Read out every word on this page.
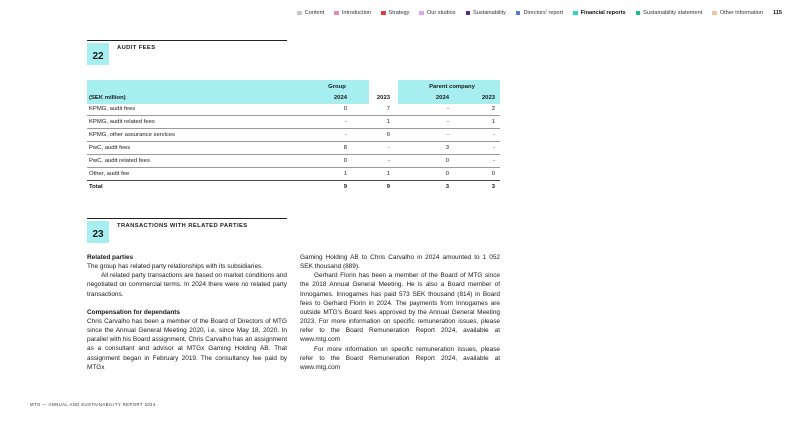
Content	Introduction	Strategy	Our studios	Sustainability	Directors' report	Financial reports	Sustainability statement	Other information 115
22
AUDIT FEES
Group	Parent company
(SEK million)	2024	2023	2024	2023
KPMG, audit fees	0	7	-	2
KPMG, audit related fees	-	1	-	1
KPMG, other assurance services	-	0	-	-
PwC, audit fees	8	-	3	-
PwC, audit related fees	0	-	0	-
Other, audit fee	1	1	0	0
Total	9	9	3	3
23
TRANSACTIONS WITH RELATED PARTIES

Related parties

The group has related party relationships with its subsidiaries.

All related party transactions are based on market conditions and negotiated on commercial terms. In 2024 there were no related party transactions.

Compensation for dependants

Chris Carvalho has been a member of the Board of Directors of MTG since the Annual General Meeting 2020, i.e. since May 18, 2020. In parallel with his Board assignment, Chris Carvalho has an assignment as a consultant and advisor at MTGx Gaming Holding AB. That assignment began in February 2019. The consultancy fee paid by MTGx

Gaming Holding AB to Chris Carvalho in 2024 amounted to 1 052 SEK thousand (889).

Gerhard Florin has been a member of the Board of MTG since the 2018 Annual General Meeting. He is also a Board member of Innogames. Innogames has paid 573 SEK thousand (814) in Board fees to Gerhard Florin in 2024. The payments from Innogames are outside MTG's Board fees approved by the Annual General Meeting 2023. For more information on specific remuneration issues, please refer to the Board Remuneration Report 2024, available at www.mtg.com

For more information on specific remuneration issues, please refer to the Board Remuneration Report 2024, available at www.mtg.com

MTG — ANNUAL AND SUSTAINABILITY REPORT 2024
